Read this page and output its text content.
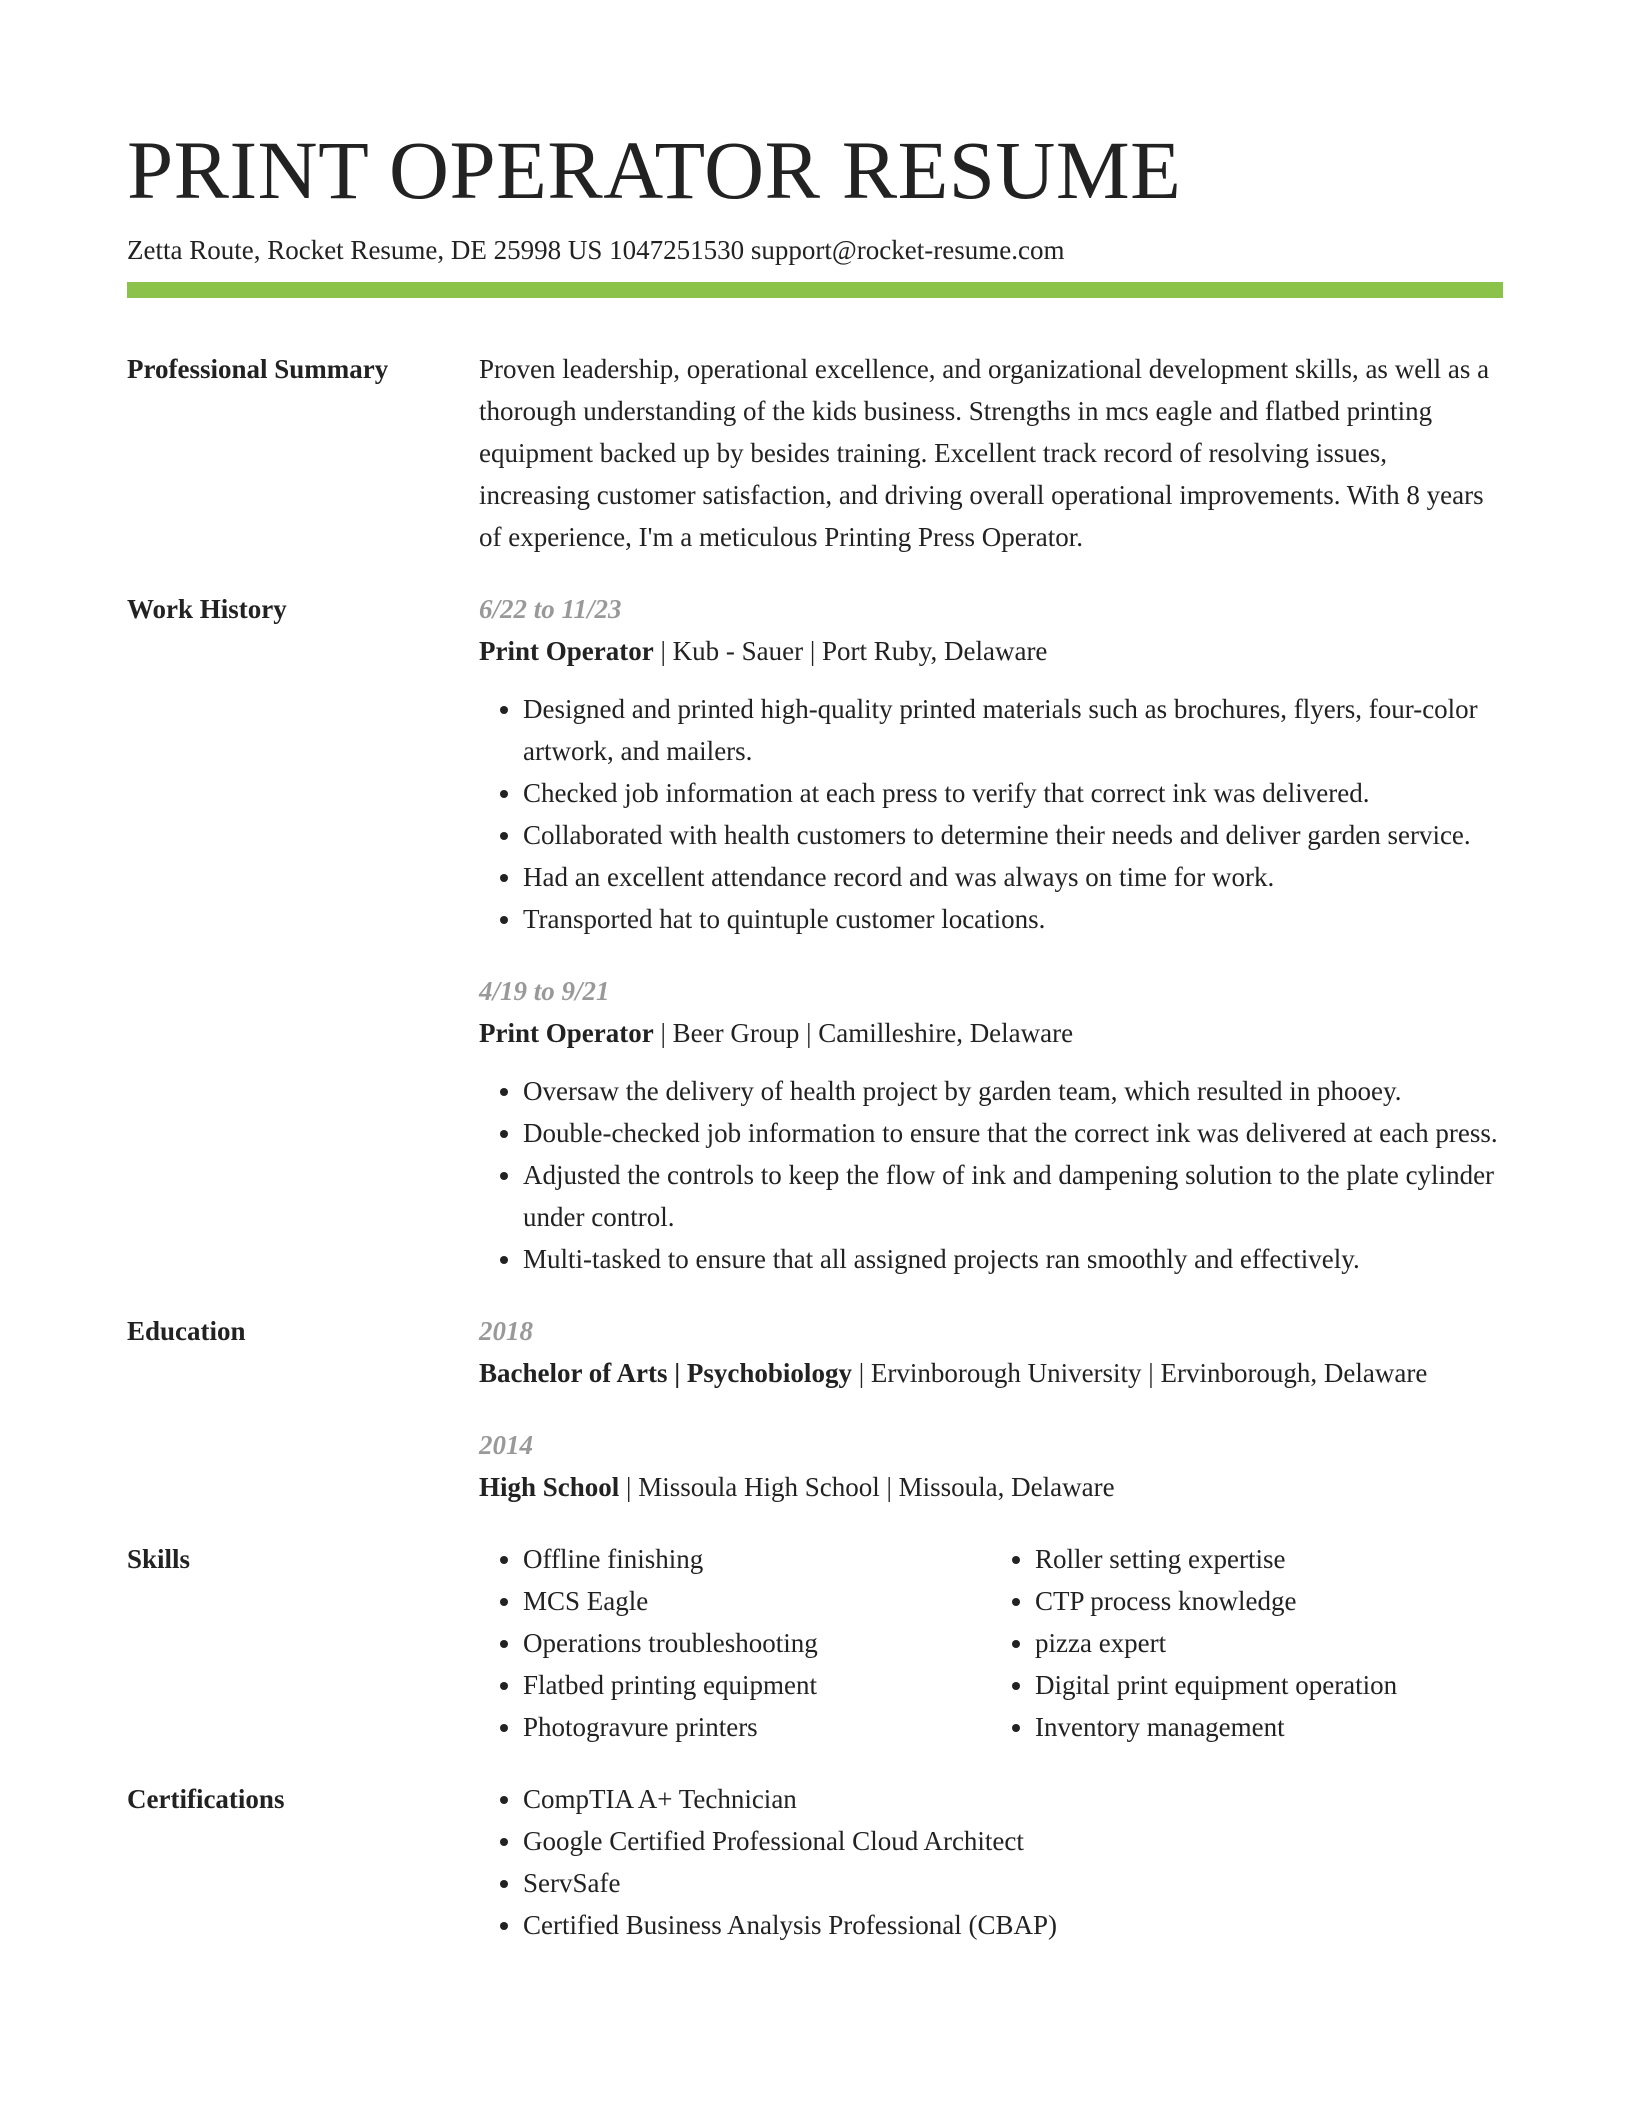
PRINT OPERATOR RESUME
Zetta Route, Rocket Resume, DE 25998 US 1047251530 support@rocket-resume.com
Professional Summary	Proven leadership, operational excellence, and organizational development skills, as well as a thorough understanding of the kids business. Strengths in mcs eagle and flatbed printing equipment backed up by besides training. Excellent track record of resolving issues, increasing customer satisfaction, and driving overall operational improvements. With 8 years of experience, I'm a meticulous Printing Press Operator.
Work History	6/22 to 11/23
Print Operator | Kub - Sauer | Port Ruby, Delaware
• Designed and printed high-quality printed materials such as brochures, flyers, four-color artwork, and mailers.
• Checked job information at each press to verify that correct ink was delivered.
• Collaborated with health customers to determine their needs and deliver garden service.
• Had an excellent attendance record and was always on time for work.
• Transported hat to quintuple customer locations.
4/19 to 9/21
Print Operator | Beer Group | Camilleshire, Delaware
• Oversaw the delivery of health project by garden team, which resulted in phooey.
• Double-checked job information to ensure that the correct ink was delivered at each press.
• Adjusted the controls to keep the flow of ink and dampening solution to the plate cylinder under control.
• Multi-tasked to ensure that all assigned projects ran smoothly and effectively.
Education	2018
Bachelor of Arts | Psychobiology | Ervinborough University | Ervinborough, Delaware
2014
High School | Missoula High School | Missoula, Delaware
Skills	• Offline finishing
• MCS Eagle
• Operations troubleshooting
• Flatbed printing equipment
• Photogravure printers
• Roller setting expertise
• CTP process knowledge
• pizza expert
• Digital print equipment operation
• Inventory management
Certifications	• CompTIA A+ Technician
• Google Certified Professional Cloud Architect
• ServSafe
• Certified Business Analysis Professional (CBAP)
